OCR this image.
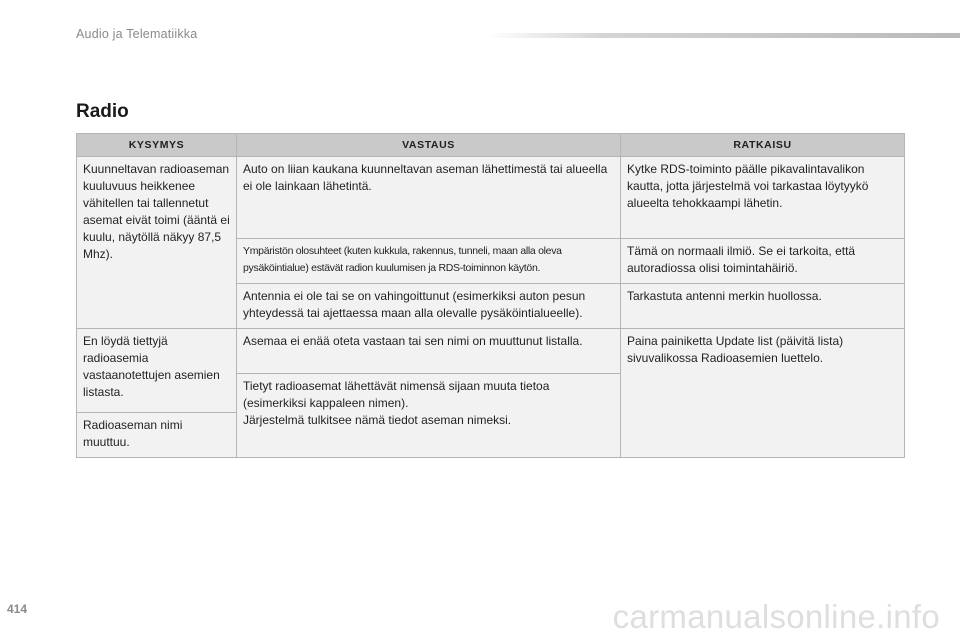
Audio ja Telematiikka
Radio
KYSYMYS	VASTAUS	RATKAISU
Kuunneltavan radioaseman kuuluvuus heikkenee vähitellen tai tallennetut asemat eivät toimi (ääntä ei kuulu, näytöllä näkyy 87,5 Mhz).	Auto on liian kaukana kuunneltavan aseman lähettimestä tai alueella ei ole lainkaan lähetintä.	Kytke RDS-toiminto päälle pikavalintavalikon kautta, jotta järjestelmä voi tarkastaa löytyykö alueelta tehokkaampi lähetin.
	Ympäristön olosuhteet (kuten kukkula, rakennus, tunneli, maan alla oleva pysäköintialue) estävät radion kuulumisen ja RDS-toiminnon käytön.	Tämä on normaali ilmiö. Se ei tarkoita, että autoradiossa olisi toimintahäiriö.
	Antennia ei ole tai se on vahingoittunut (esimerkiksi auton pesun yhteydessä tai ajettaessa maan alla olevalle pysäköintialueelle).	Tarkastuta antenni merkin huollossa.
En löydä tiettyjä radioasemia vastaanotettujen asemien listasta.	Asemaa ei enää oteta vastaan tai sen nimi on muuttunut listalla.	Paina painiketta Update list (päivitä lista) sivuvalikossa Radioasemien luettelo.

	Tietyt radioasemat lähettävät nimensä sijaan muuta tietoa (esimerkiksi kappaleen nimen).
Järjestelmä tulkitsee nämä tiedot aseman nimeksi.	

Radioaseman nimi muuttuu.		
414	carmanualsonline.info
